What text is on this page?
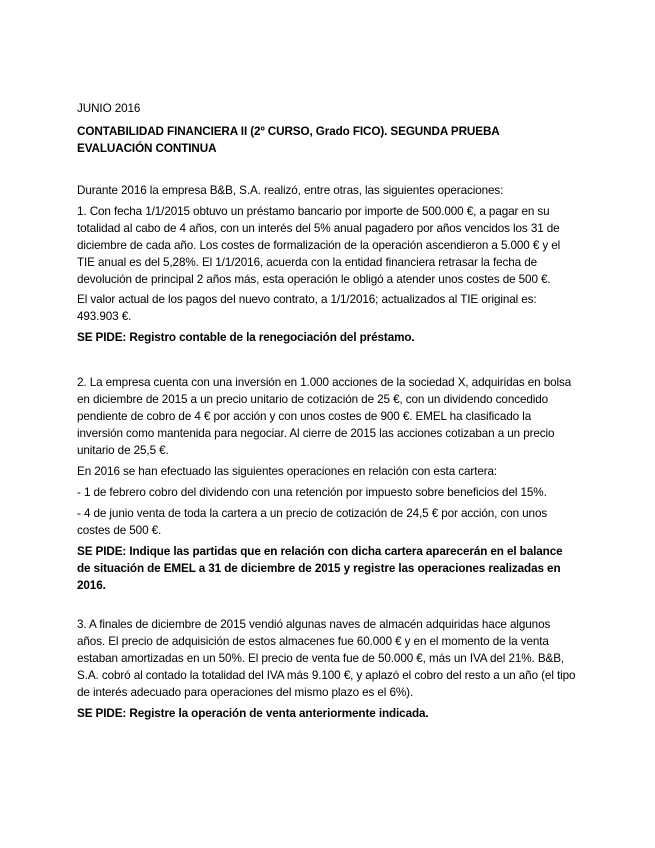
JUNIO 2016

CONTABILIDAD FINANCIERA II (2º CURSO, Grado FICO). SEGUNDA PRUEBA EVALUACIÓN CONTINUA

Durante 2016 la empresa B&B, S.A. realizó, entre otras, las siguientes operaciones:

1. Con fecha 1/1/2015 obtuvo un préstamo bancario por importe de 500.000 €, a pagar en su totalidad al cabo de 4 años, con un interés del 5% anual pagadero por años vencidos los 31 de diciembre de cada año. Los costes de formalización de la operación ascendieron a 5.000 € y el TIE anual es del 5,28%. El 1/1/2016, acuerda con la entidad financiera retrasar la fecha de devolución de principal 2 años más, esta operación le obligó a atender unos costes de 500 €.

El valor actual de los pagos del nuevo contrato, a 1/1/2016; actualizados al TIE original es: 493.903 €.

SE PIDE: Registro contable de la renegociación del préstamo.

2. La empresa cuenta con una inversión en 1.000 acciones de la sociedad X, adquiridas en bolsa en diciembre de 2015 a un precio unitario de cotización de 25 €, con un dividendo concedido pendiente de cobro de 4 € por acción y con unos costes de 900 €. EMEL ha clasificado la inversión como mantenida para negociar. Al cierre de 2015 las acciones cotizaban a un precio unitario de 25,5 €.

En 2016 se han efectuado las siguientes operaciones en relación con esta cartera:

- 1 de febrero cobro del dividendo con una retención por impuesto sobre beneficios del 15%.

- 4 de junio venta de toda la cartera a un precio de cotización de 24,5 € por acción, con unos costes de 500 €.

SE PIDE: Indique las partidas que en relación con dicha cartera aparecerán en el balance de situación de EMEL a 31 de diciembre de 2015 y registre las operaciones realizadas en 2016.

3. A finales de diciembre de 2015 vendió algunas naves de almacén adquiridas hace algunos años. El precio de adquisición de estos almacenes fue 60.000 € y en el momento de la venta estaban amortizadas en un 50%. El precio de venta fue de 50.000 €, más un IVA del 21%. B&B, S.A. cobró al contado la totalidad del IVA más 9.100 €, y aplazó el cobro del resto a un año (el tipo de interés adecuado para operaciones del mismo plazo es el 6%).

SE PIDE: Registre la operación de venta anteriormente indicada.
